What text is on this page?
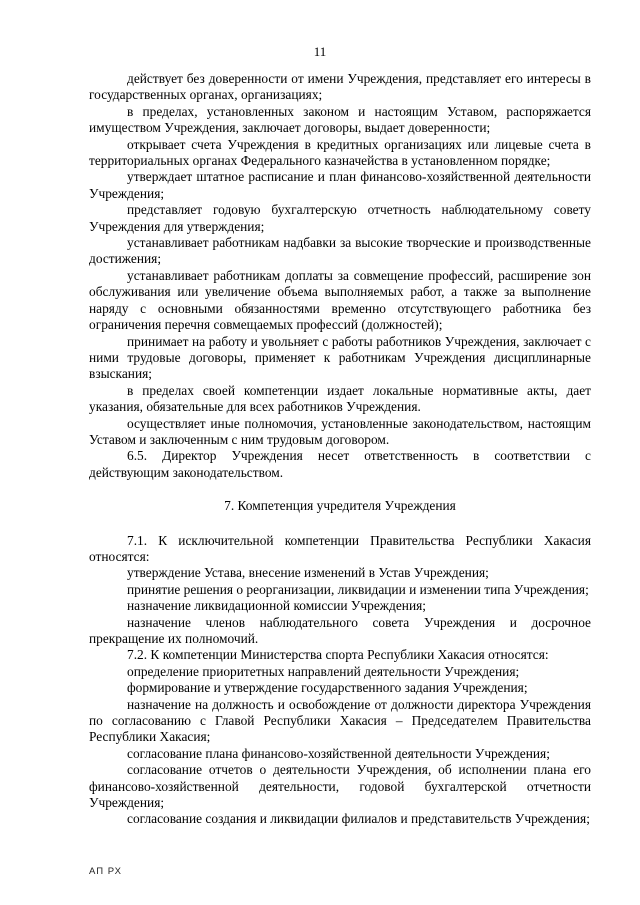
11

действует без доверенности от имени Учреждения, представляет его интересы в государственных органах, организациях;

в пределах, установленных законом и настоящим Уставом, распоряжается имуществом Учреждения, заключает договоры, выдает доверенности;

открывает счета Учреждения в кредитных организациях или лицевые счета в территориальных органах Федерального казначейства в установленном порядке;

утверждает штатное расписание и план финансово-хозяйственной деятельности Учреждения;

представляет годовую бухгалтерскую отчетность наблюдательному совету Учреждения для утверждения;

устанавливает работникам надбавки за высокие творческие и производственные достижения;

устанавливает работникам доплаты за совмещение профессий, расширение зон обслуживания или увеличение объема выполняемых работ, а также за выполнение наряду с основными обязанностями временно отсутствующего работника без ограничения перечня совмещаемых профессий (должностей);

принимает на работу и увольняет с работы работников Учреждения, заключает с ними трудовые договоры, применяет к работникам Учреждения дисциплинарные взыскания;

в пределах своей компетенции издает локальные нормативные акты, дает указания, обязательные для всех работников Учреждения.

осуществляет иные полномочия, установленные законодательством, настоящим Уставом и заключенным с ним трудовым договором.

6.5. Директор Учреждения несет ответственность в соответствии с действующим законодательством.

7. Компетенция учредителя Учреждения

7.1. К исключительной компетенции Правительства Республики Хакасия относятся:

утверждение Устава, внесение изменений в Устав Учреждения;

принятие решения о реорганизации, ликвидации и изменении типа Учреждения;

назначение ликвидационной комиссии Учреждения;

назначение членов наблюдательного совета Учреждения и досрочное прекращение их полномочий.

7.2. К компетенции Министерства спорта Республики Хакасия относятся:

определение приоритетных направлений деятельности Учреждения;

формирование и утверждение государственного задания Учреждения;

назначение на должность и освобождение от должности директора Учреждения по согласованию с Главой Республики Хакасия – Председателем Правительства Республики Хакасия;

согласование плана финансово-хозяйственной деятельности Учреждения;

согласование отчетов о деятельности Учреждения, об исполнении плана его финансово-хозяйственной деятельности, годовой бухгалтерской отчетности Учреждения;

согласование создания и ликвидации филиалов и представительств Учреждения;

АП РХ
